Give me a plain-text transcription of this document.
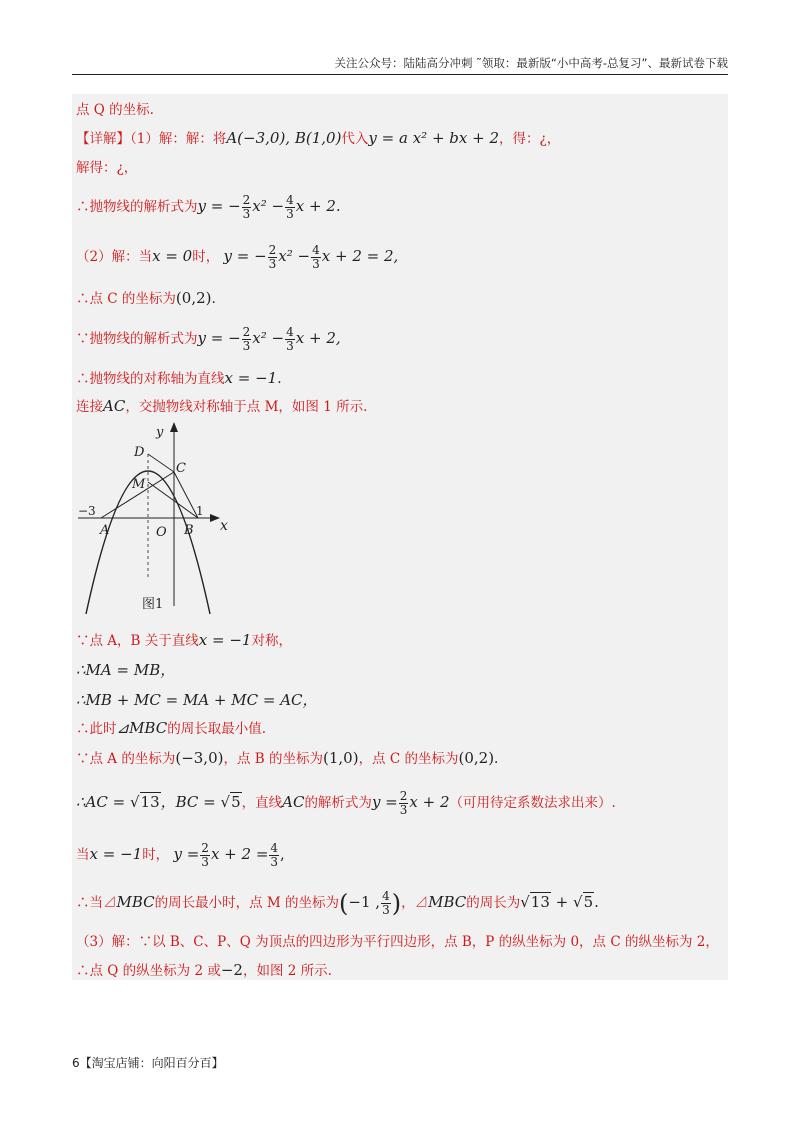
关注公众号：陆陆高分冲刺 ˜领取：最新版“小中高考-总复习”、最新试卷下载
点 Q 的坐标.
【详解】（1）解：解：将A(−3,0), B(1,0)代入y = a x² + bx + 2，得：¿，
解得：¿，
∴抛物线的解析式为y = − $\frac{2}{3} x^2 - \frac{4}{3}$ x + 2.
（2）解：当x = 0时， y = − $\frac{2}{3} x^2 - \frac{4}{3}$ x + 2 = 2,
∴点 C 的坐标为(0,2).
∵抛物线的解析式为y = − $\frac{2}{3} x^2 - \frac{4}{3}$ x + 2,
∴抛物线的对称轴为直线x = −1.
连接AC，交抛物线对称轴于点 M，如图 1 所示.
y
x
D
C
M
A	O B
−3	1
图1
∵点 A，B 关于直线x = −1对称，
∴MA = MB，
∴MB + MC = MA + MC = AC，
∴此时⊿MBC的周长取最小值.
∵点 A 的坐标为(−3,0)，点 B 的坐标为(1,0)，点 C 的坐标为(0,2).
∴AC = √13，BC = √5，直线AC的解析式为$y = \frac{2}{3}$ x + 2（可用待定系数法求出来）.
当x = −1时， $y = \frac{2}{3}$ $x + 2 = \frac{4}{3}$ ,
∴当⊿MBC的周长最小时，点 M 的坐标为(−1 , $\frac{4}{3}$ )，⊿MBC的周长为√13 + √5.
（3）解：∵以 B、C、P、Q 为顶点的四边形为平行四边形，点 B，P 的纵坐标为 0，点 C 的纵坐标为 2，
∴点 Q 的纵坐标为 2 或−2，如图 2 所示.
6【淘宝店铺：向阳百分百】
